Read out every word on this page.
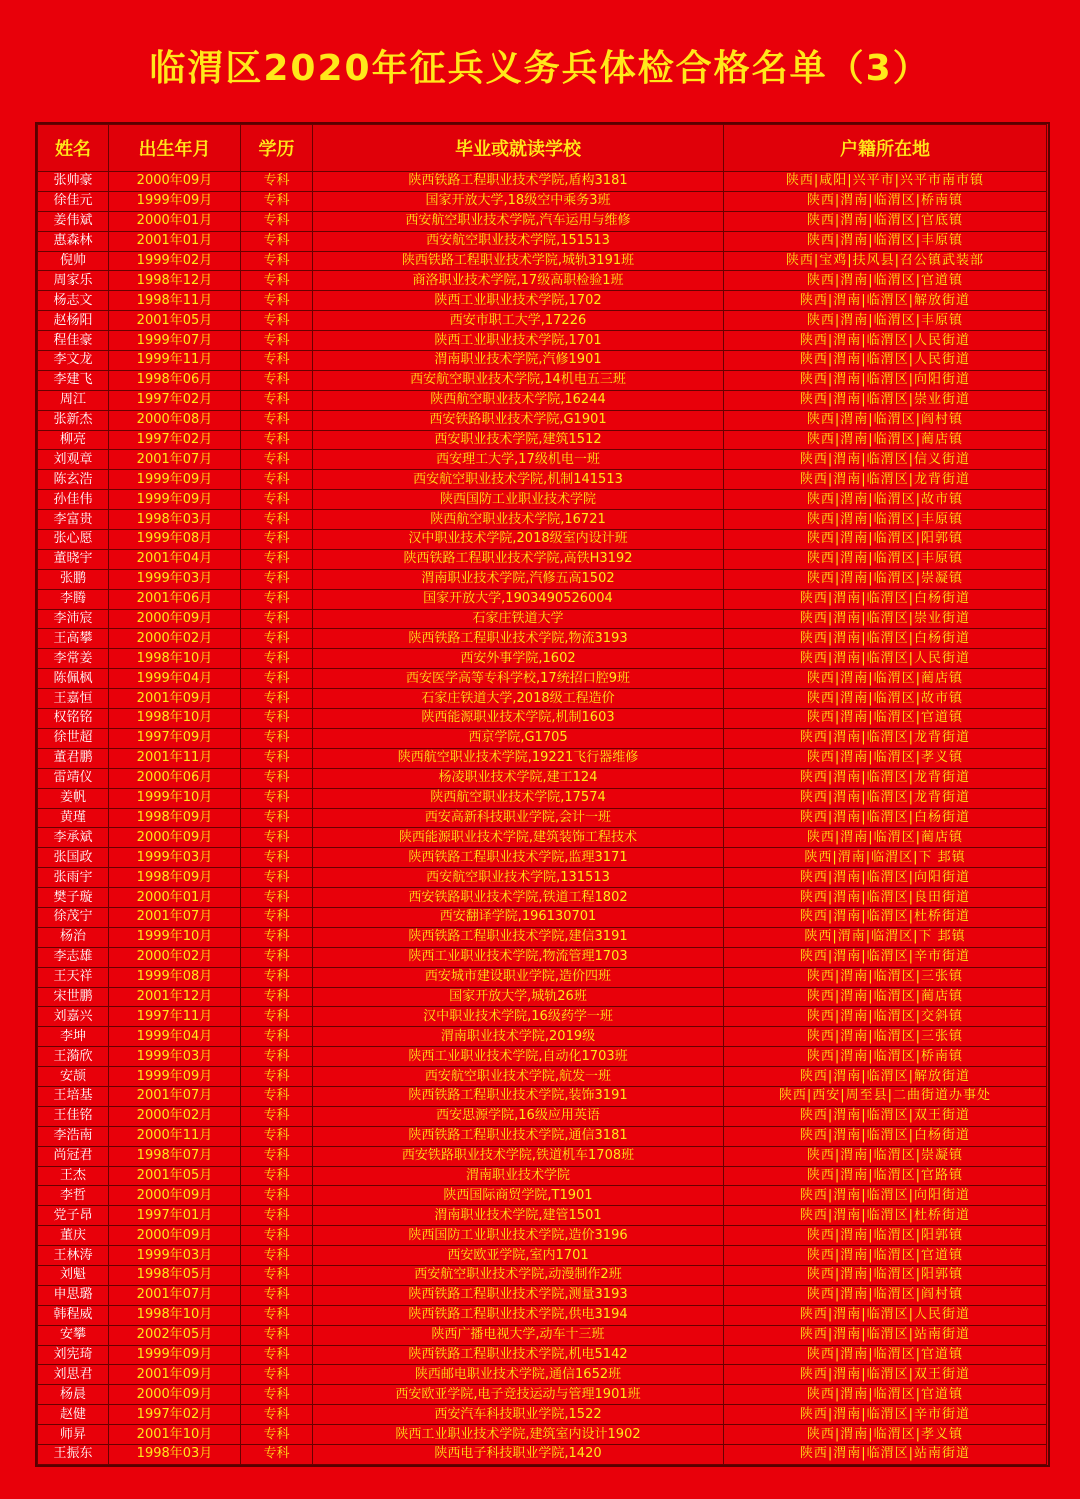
临渭区2020年征兵义务兵体检合格名单（3）
姓名	出生年月	学历	毕业或就读学校	户籍所在地
张帅豪	2000年09月	专科	陕西铁路工程职业技术学院,盾构3181	陕西|咸阳|兴平市|兴平市南市镇
徐佳元	1999年09月	专科	国家开放大学,18级空中乘务3班	陕西|渭南|临渭区|桥南镇
姜伟斌	2000年01月	专科	西安航空职业技术学院,汽车运用与维修	陕西|渭南|临渭区|官底镇
惠森林	2001年01月	专科	西安航空职业技术学院,151513	陕西|渭南|临渭区|丰原镇
倪帅	1999年02月	专科	陕西铁路工程职业技术学院,城轨3191班	陕西|宝鸡|扶风县|召公镇武装部
周家乐	1998年12月	专科	商洛职业技术学院,17级高职检验1班	陕西|渭南|临渭区|官道镇
杨志文	1998年11月	专科	陕西工业职业技术学院,1702	陕西|渭南|临渭区|解放街道
赵杨阳	2001年05月	专科	西安市职工大学,17226	陕西|渭南|临渭区|丰原镇
程佳豪	1999年07月	专科	陕西工业职业技术学院,1701	陕西|渭南|临渭区|人民街道
李文龙	1999年11月	专科	渭南职业技术学院,汽修1901	陕西|渭南|临渭区|人民街道
李建飞	1998年06月	专科	西安航空职业技术学院,14机电五三班	陕西|渭南|临渭区|向阳街道
周江	1997年02月	专科	陕西航空职业技术学院,16244	陕西|渭南|临渭区|崇业街道
张新杰	2000年08月	专科	西安铁路职业技术学院,G1901	陕西|渭南|临渭区|阎村镇
柳亮	1997年02月	专科	西安职业技术学院,建筑1512	陕西|渭南|临渭区|蔺店镇
刘观章	2001年07月	专科	西安理工大学,17级机电一班	陕西|渭南|临渭区|信义街道
陈玄浩	1999年09月	专科	西安航空职业技术学院,机制141513	陕西|渭南|临渭区|龙背街道
孙佳伟	1999年09月	专科	陕西国防工业职业技术学院	陕西|渭南|临渭区|故市镇
李富贵	1998年03月	专科	陕西航空职业技术学院,16721	陕西|渭南|临渭区|丰原镇
张心愿	1999年08月	专科	汉中职业技术学院,2018级室内设计班	陕西|渭南|临渭区|阳郭镇
董晓宇	2001年04月	专科	陕西铁路工程职业技术学院,高铁H3192	陕西|渭南|临渭区|丰原镇
张鹏	1999年03月	专科	渭南职业技术学院,汽修五高1502	陕西|渭南|临渭区|崇凝镇
李腾	2001年06月	专科	国家开放大学,1903490526004	陕西|渭南|临渭区|白杨街道
李沛宸	2000年09月	专科	石家庄铁道大学	陕西|渭南|临渭区|崇业街道
王高攀	2000年02月	专科	陕西铁路工程职业技术学院,物流3193	陕西|渭南|临渭区|白杨街道
李常姜	1998年10月	专科	西安外事学院,1602	陕西|渭南|临渭区|人民街道
陈佩枫	1999年04月	专科	西安医学高等专科学校,17统招口腔9班	陕西|渭南|临渭区|蔺店镇
王嘉恒	2001年09月	专科	石家庄铁道大学,2018级工程造价	陕西|渭南|临渭区|故市镇
权铭铭	1998年10月	专科	陕西能源职业技术学院,机制1603	陕西|渭南|临渭区|官道镇
徐世超	1997年09月	专科	西京学院,G1705	陕西|渭南|临渭区|龙背街道
董君鹏	2001年11月	专科	陕西航空职业技术学院,19221飞行器维修	陕西|渭南|临渭区|孝义镇
雷靖仪	2000年06月	专科	杨凌职业技术学院,建工124	陕西|渭南|临渭区|龙背街道
姜帆	1999年10月	专科	陕西航空职业技术学院,17574	陕西|渭南|临渭区|龙背街道
黄瑾	1998年09月	专科	西安高新科技职业学院,会计一班	陕西|渭南|临渭区|白杨街道
李承斌	2000年09月	专科	陕西能源职业技术学院,建筑装饰工程技术	陕西|渭南|临渭区|蔺店镇
张国政	1999年03月	专科	陕西铁路工程职业技术学院,监理3171	陕西|渭南|临渭区|下 邽镇
张雨宇	1998年09月	专科	西安航空职业技术学院,131513	陕西|渭南|临渭区|向阳街道
樊子璇	2000年01月	专科	西安铁路职业技术学院,铁道工程1802	陕西|渭南|临渭区|良田街道
徐茂宁	2001年07月	专科	西安翻译学院,196130701	陕西|渭南|临渭区|杜桥街道
杨治	1999年10月	专科	陕西铁路工程职业技术学院,建信3191	陕西|渭南|临渭区|下 邽镇
李志雄	2000年02月	专科	陕西工业职业技术学院,物流管理1703	陕西|渭南|临渭区|辛市街道
王天祥	1999年08月	专科	西安城市建设职业学院,造价四班	陕西|渭南|临渭区|三张镇
宋世鹏	2001年12月	专科	国家开放大学,城轨26班	陕西|渭南|临渭区|蔺店镇
刘嘉兴	1997年11月	专科	汉中职业技术学院,16级药学一班	陕西|渭南|临渭区|交斜镇
李坤	1999年04月	专科	渭南职业技术学院,2019级	陕西|渭南|临渭区|三张镇
王漪欣	1999年03月	专科	陕西工业职业技术学院,自动化1703班	陕西|渭南|临渭区|桥南镇
安颉	1999年09月	专科	西安航空职业技术学院,航发一班	陕西|渭南|临渭区|解放街道
王培基	2001年07月	专科	陕西铁路工程职业技术学院,装饰3191	陕西|西安|周至县|二曲街道办事处
王佳铭	2000年02月	专科	西安思源学院,16级应用英语	陕西|渭南|临渭区|双王街道
李浩南	2000年11月	专科	陕西铁路工程职业技术学院,通信3181	陕西|渭南|临渭区|白杨街道
尚冠君	1998年07月	专科	西安铁路职业技术学院,铁道机车1708班	陕西|渭南|临渭区|崇凝镇
王杰	2001年05月	专科	渭南职业技术学院	陕西|渭南|临渭区|官路镇
李哲	2000年09月	专科	陕西国际商贸学院,T1901	陕西|渭南|临渭区|向阳街道
党子昂	1997年01月	专科	渭南职业技术学院,建管1501	陕西|渭南|临渭区|杜桥街道
董庆	2000年09月	专科	陕西国防工业职业技术学院,造价3196	陕西|渭南|临渭区|阳郭镇
王林涛	1999年03月	专科	西安欧亚学院,室内1701	陕西|渭南|临渭区|官道镇
刘魁	1998年05月	专科	西安航空职业技术学院,动漫制作2班	陕西|渭南|临渭区|阳郭镇
申思璐	2001年07月	专科	陕西铁路工程职业技术学院,测量3193	陕西|渭南|临渭区|阎村镇
韩程威	1998年10月	专科	陕西铁路工程职业技术学院,供电3194	陕西|渭南|临渭区|人民街道
安攀	2002年05月	专科	陕西广播电视大学,动车十三班	陕西|渭南|临渭区|站南街道
刘宪琦	1999年09月	专科	陕西铁路工程职业技术学院,机电5142	陕西|渭南|临渭区|官道镇
刘思君	2001年09月	专科	陕西邮电职业技术学院,通信1652班	陕西|渭南|临渭区|双王街道
杨晨	2000年09月	专科	西安欧亚学院,电子竞技运动与管理1901班	陕西|渭南|临渭区|官道镇
赵健	1997年02月	专科	西安汽车科技职业学院,1522	陕西|渭南|临渭区|辛市街道
师昇	2001年10月	专科	陕西工业职业技术学院,建筑室内设计1902	陕西|渭南|临渭区|孝义镇
王振东	1998年03月	专科	陕西电子科技职业学院,1420	陕西|渭南|临渭区|站南街道
